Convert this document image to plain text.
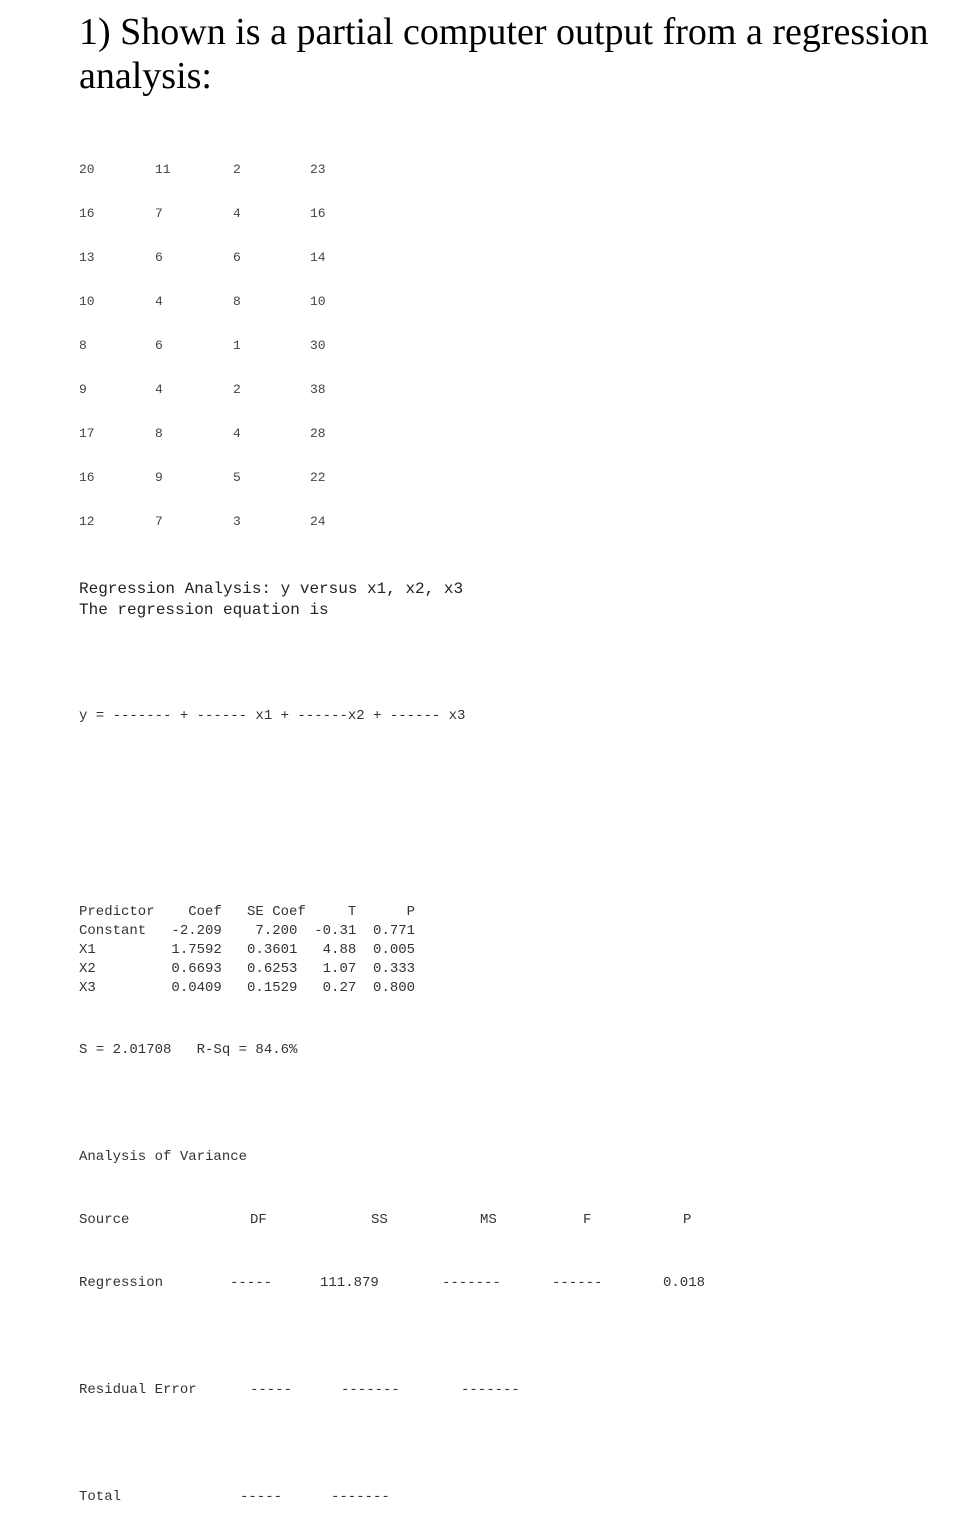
1) Shown is a partial computer output from a regression analysis:
20	11	2	23
16	7	4	16
13	6	6	14
10	4	8	10
8	6	1	30
9	4	2	38
17	8	4	28
16	9	5	22
12	7	3	24
Regression Analysis: y versus x1, x2, x3
The regression equation is
y = ------- + ------ x1 + ------x2 + ------ x3
Predictor    Coef   SE Coef     T      P
Constant   -2.209    7.200  -0.31  0.771
X1         1.7592   0.3601   4.88  0.005
X2         0.6693   0.6253   1.07  0.333
X3         0.0409   0.1529   0.27  0.800
S = 2.01708   R-Sq = 84.6%
Analysis of Variance
Source	DF	SS	MS	F	P
Regression	-----	111.879	-------	------	0.018
Residual Error	-----	-------	-------
Total	-----	-------
